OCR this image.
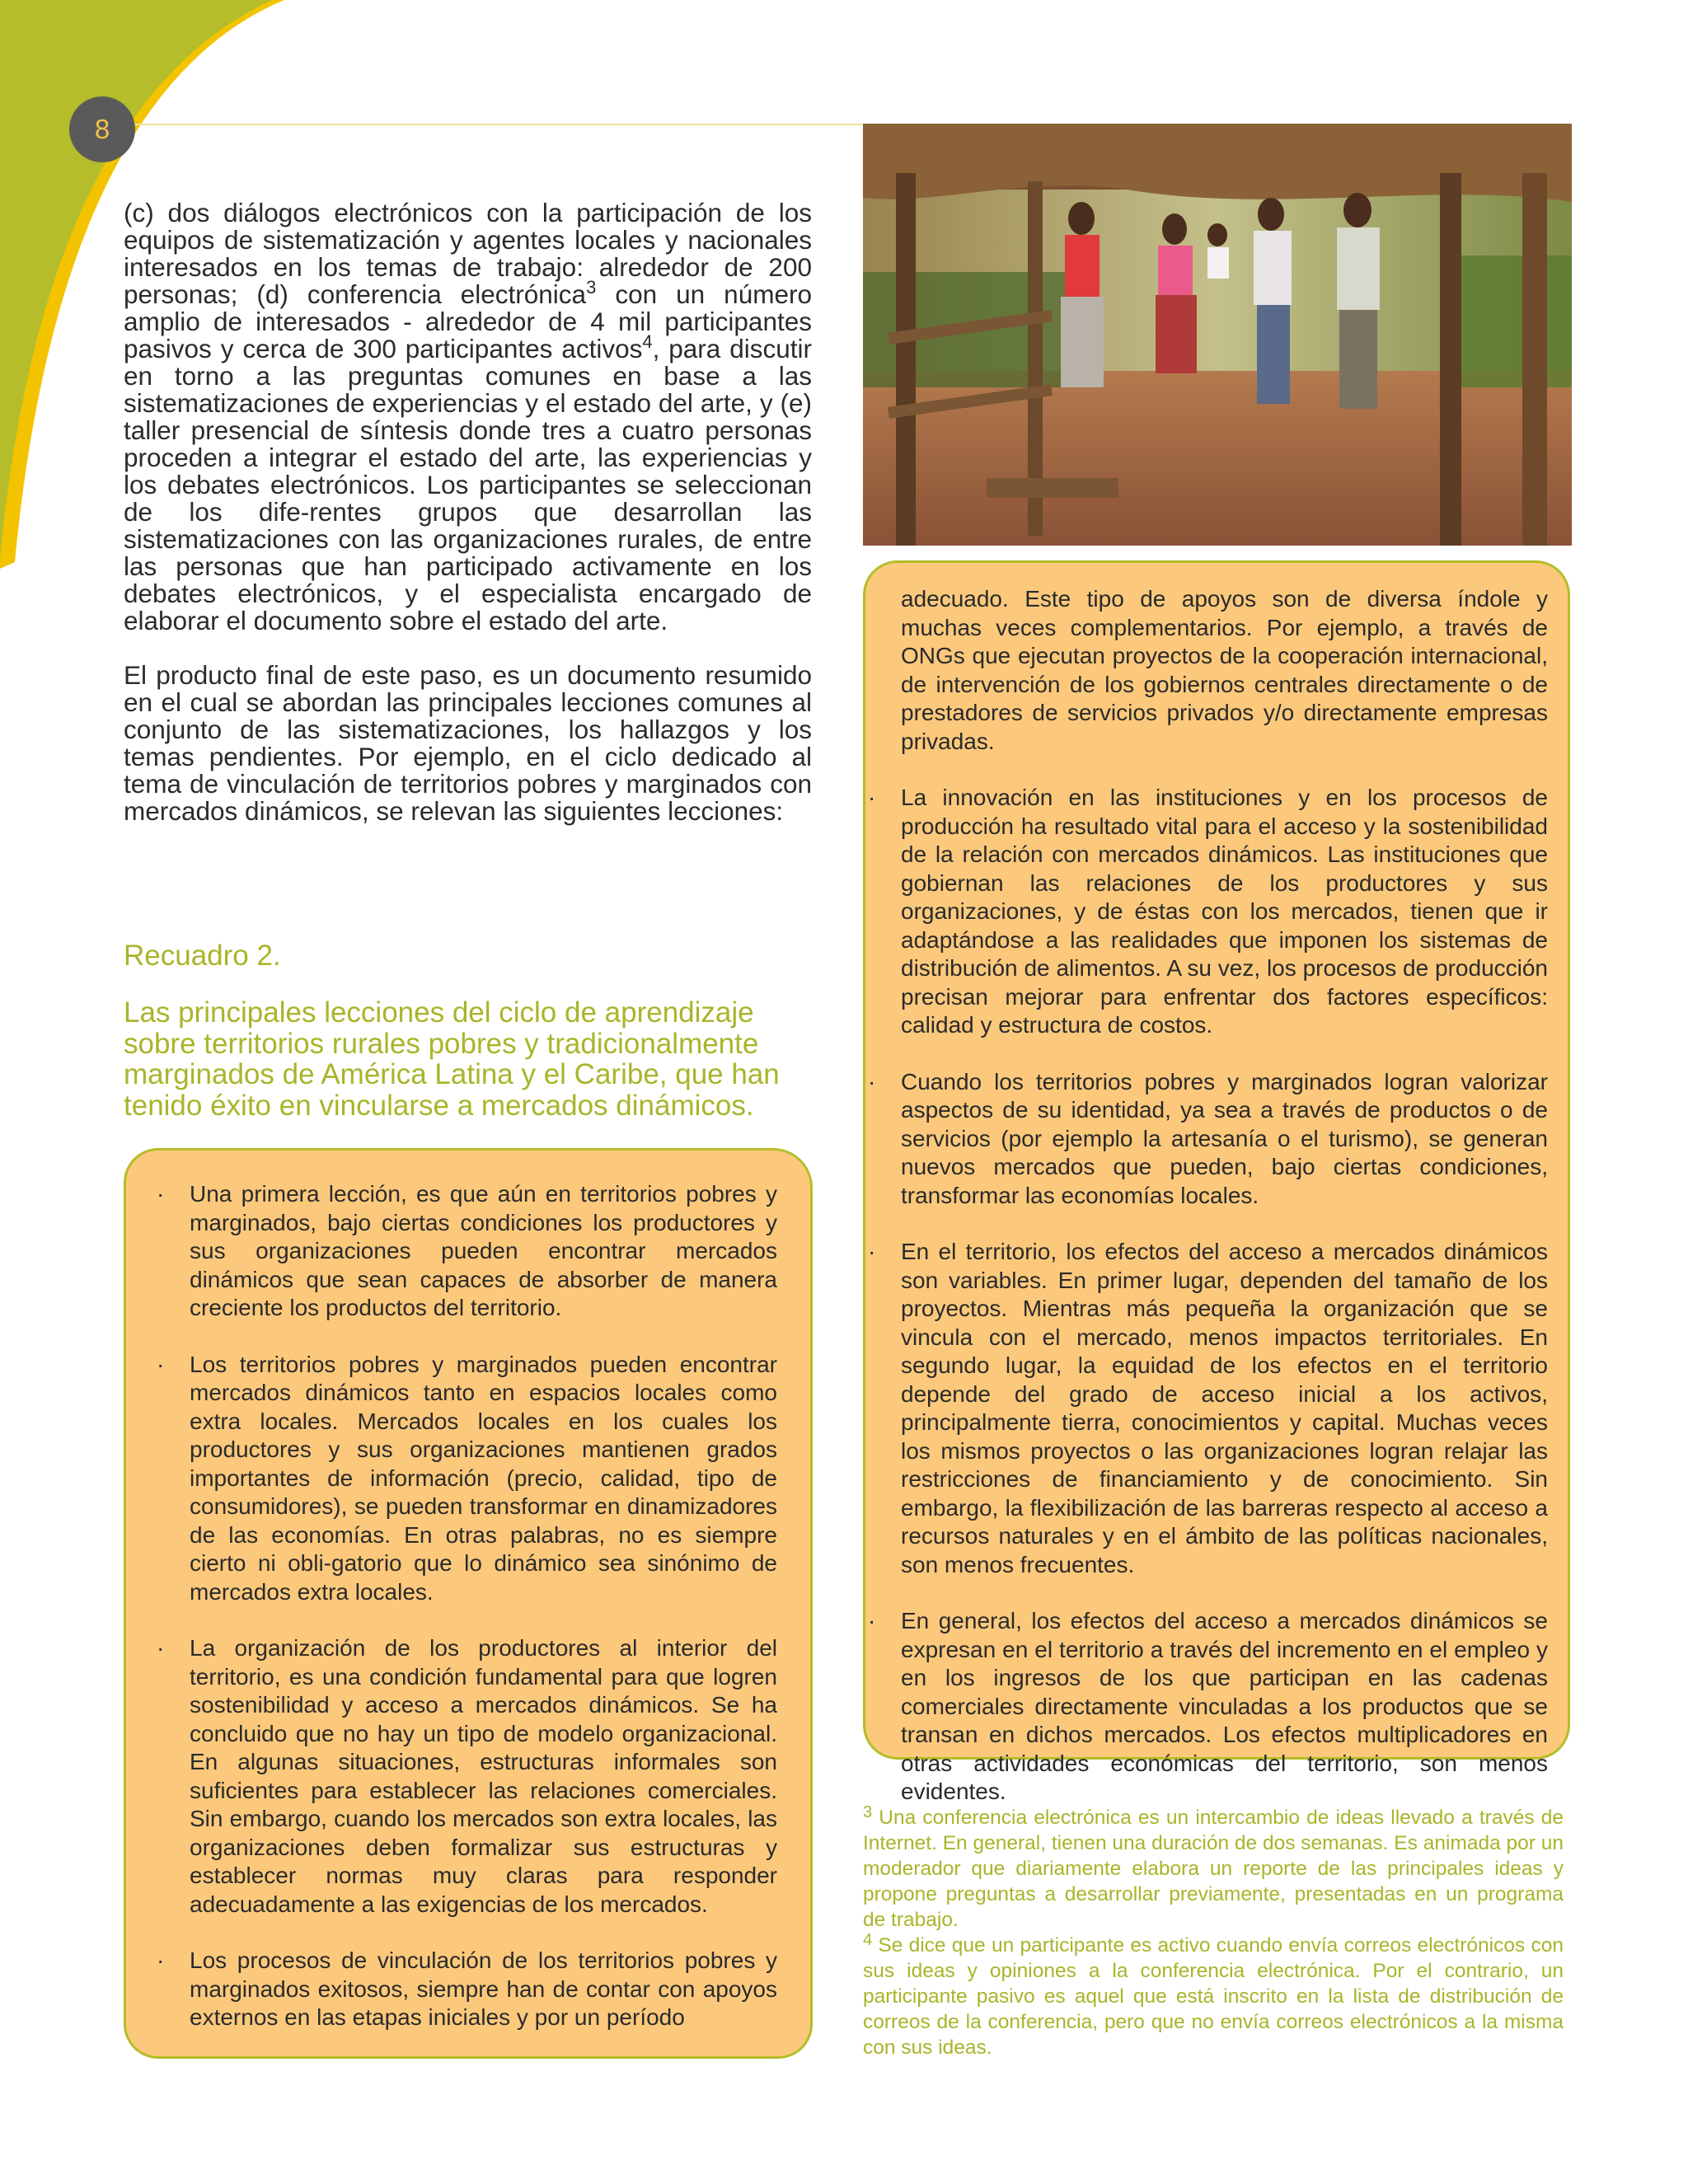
8

(c) dos diálogos electrónicos con la participación de los equipos de sistematización y agentes locales y nacionales interesados en los temas de trabajo: alrededor de 200 personas; (d) conferencia electrónica$^3$ con un número amplio de interesados - alrededor de 4 mil participantes pasivos y cerca de 300 participantes activos$^4$, para discutir en torno a las preguntas comunes en base a las sistematizaciones de experiencias y el estado del arte, y (e) taller presencial de síntesis donde tres a cuatro personas proceden a integrar el estado del arte, las experiencias y los debates electrónicos. Los participantes se seleccionan de los dife-rentes grupos que desarrollan las sistematizaciones con las organizaciones rurales, de entre las personas que han participado activamente en los debates electrónicos, y el especialista encargado de elaborar el documento sobre el estado del arte.

El producto final de este paso, es un documento resumido en el cual se abordan las principales lecciones comunes al conjunto de las sistematizaciones, los hallazgos y los temas pendientes. Por ejemplo, en el ciclo dedicado al tema de vinculación de territorios pobres y marginados con mercados dinámicos, se relevan las siguientes lecciones:

Recuadro 2.
Las principales lecciones del ciclo de aprendizaje sobre territorios rurales pobres y tradicionalmente marginados de América Latina y el Caribe, que han tenido éxito en vincularse a mercados dinámicos.
· Una primera lección, es que aún en territorios pobres y marginados, bajo ciertas condiciones los productores y sus organizaciones pueden encontrar mercados dinámicos que sean capaces de absorber de manera creciente los productos del territorio.
· Los territorios pobres y marginados pueden encontrar mercados dinámicos tanto en espacios locales como extra locales. Mercados locales en los cuales los productores y sus organizaciones mantienen grados importantes de información (precio, calidad, tipo de consumidores), se pueden transformar en dinamizadores de las economías. En otras palabras, no es siempre cierto ni obli-gatorio que lo dinámico sea sinónimo de mercados extra locales.
· La organización de los productores al interior del territorio, es una condición fundamental para que logren sostenibilidad y acceso a mercados dinámicos. Se ha concluido que no hay un tipo de modelo organizacional. En algunas situaciones, estructuras informales son suficientes para establecer las relaciones comerciales. Sin embargo, cuando los mercados son extra locales, las organizaciones deben formalizar sus estructuras y establecer normas muy claras para responder adecuadamente a las exigencias de los mercados.
· Los procesos de vinculación de los territorios pobres y marginados exitosos, siempre han de contar con apoyos externos en las etapas iniciales y por un período
adecuado. Este tipo de apoyos son de diversa índole y muchas veces complementarios. Por ejemplo, a través de ONGs que ejecutan proyectos de la cooperación internacional, de intervención de los gobiernos centrales directamente o de prestadores de servicios privados y/o directamente empresas privadas.
· La innovación en las instituciones y en los procesos de producción ha resultado vital para el acceso y la sostenibilidad de la relación con mercados dinámicos. Las instituciones que gobiernan las relaciones de los productores y sus organizaciones, y de éstas con los mercados, tienen que ir adaptándose a las realidades que imponen los sistemas de distribución de alimentos. A su vez, los procesos de producción precisan mejorar para enfrentar dos factores específicos: calidad y estructura de costos.
· Cuando los territorios pobres y marginados logran valorizar aspectos de su identidad, ya sea a través de productos o de servicios (por ejemplo la artesanía o el turismo), se generan nuevos mercados que pueden, bajo ciertas condiciones, transformar las economías locales.
· En el territorio, los efectos del acceso a mercados dinámicos son variables. En primer lugar, dependen del tamaño de los proyectos. Mientras más pequeña la organización que se vincula con el mercado, menos impactos territoriales. En segundo lugar, la equidad de los efectos en el territorio depende del grado de acceso inicial a los activos, principalmente tierra, conocimientos y capital. Muchas veces los mismos proyectos o las organizaciones logran relajar las restricciones de financiamiento y de conocimiento. Sin embargo, la flexibilización de las barreras respecto al acceso a recursos naturales y en el ámbito de las políticas nacionales, son menos frecuentes.
· En general, los efectos del acceso a mercados dinámicos se expresan en el territorio a través del incremento en el empleo y en los ingresos de los que participan en las cadenas comerciales directamente vinculadas a los productos que se transan en dichos mercados. Los efectos multiplicadores en otras actividades económicas del territorio, son menos evidentes.

$^3$ Una conferencia electrónica es un intercambio de ideas llevado a través de Internet. En general, tienen una duración de dos semanas. Es animada por un moderador que diariamente elabora un reporte de las principales ideas y propone preguntas a desarrollar previamente, presentadas en un programa de trabajo.

$^4$ Se dice que un participante es activo cuando envía correos electrónicos con sus ideas y opiniones a la conferencia electrónica. Por el contrario, un participante pasivo es aquel que está inscrito en la lista de distribución de correos de la conferencia, pero que no envía correos electrónicos a la misma con sus ideas.
